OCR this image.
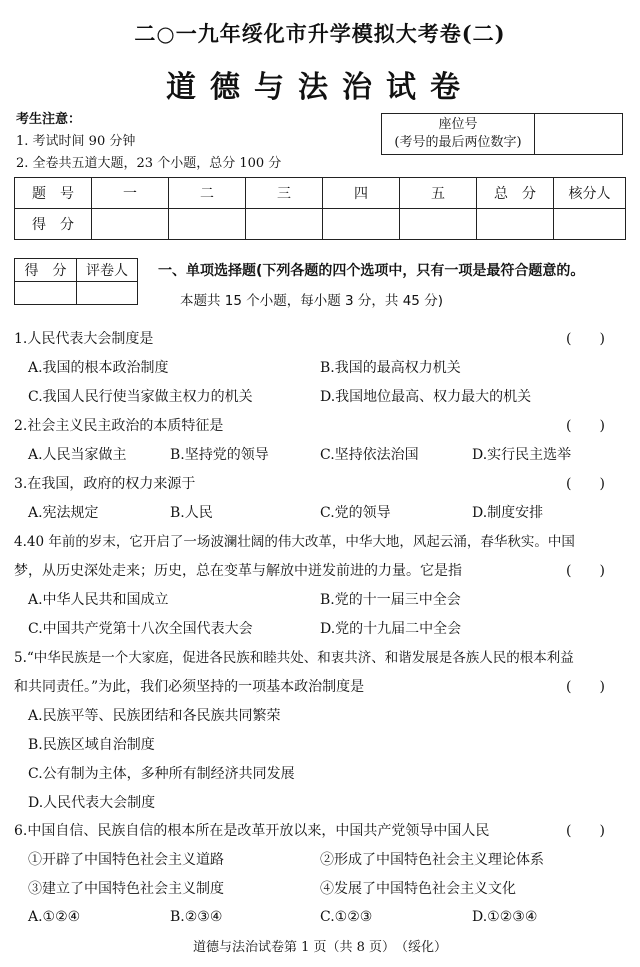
二○一九年绥化市升学模拟大考卷(二)
道德与法治试卷
考生注意：
1. 考试时间 90 分钟
2. 全卷共五道大题，23 个小题，总分 100 分
座位号
(考号的最后两位数字)

题　号	一	二	三	四	五	总　分	核分人
得　分							
得　分	评卷人
	一、单项选择题(下列各题的四个选项中，只有一项是最符合题意的。
本题共 15 个小题，每小题 3 分，共 45 分)
1.人民代表大会制度是	(　　)
A.我国的根本政治制度	B.我国的最高权力机关
C.我国人民行使当家做主权力的机关	D.我国地位最高、权力最大的机关
2.社会主义民主政治的本质特征是	(　　)
A.人民当家做主	B.坚持党的领导	C.坚持依法治国	D.实行民主选举
3.在我国，政府的权力来源于	(　　)
A.宪法规定	B.人民	C.党的领导	D.制度安排
4.40 年前的岁末，它开启了一场波澜壮阔的伟大改革，中华大地，风起云涌，春华秋实。中国
梦，从历史深处走来；历史，总在变革与解放中迸发前进的力量。它是指	(　　)
A.中华人民共和国成立	B.党的十一届三中全会
C.中国共产党第十八次全国代表大会	D.党的十九届二中全会
5.“中华民族是一个大家庭，促进各民族和睦共处、和衷共济、和谐发展是各族人民的根本利益
和共同责任。”为此，我们必须坚持的一项基本政治制度是	(　　)
A.民族平等、民族团结和各民族共同繁荣
B.民族区域自治制度
C.公有制为主体，多种所有制经济共同发展
D.人民代表大会制度
6.中国自信、民族自信的根本所在是改革开放以来，中国共产党领导中国人民	(　　)
①开辟了中国特色社会主义道路	②形成了中国特色社会主义理论体系
③建立了中国特色社会主义制度	④发展了中国特色社会主义文化
A.①②④	B.②③④	C.①②③	D.①②③④
道德与法治试卷第 1 页（共 8 页）　（绥化）
